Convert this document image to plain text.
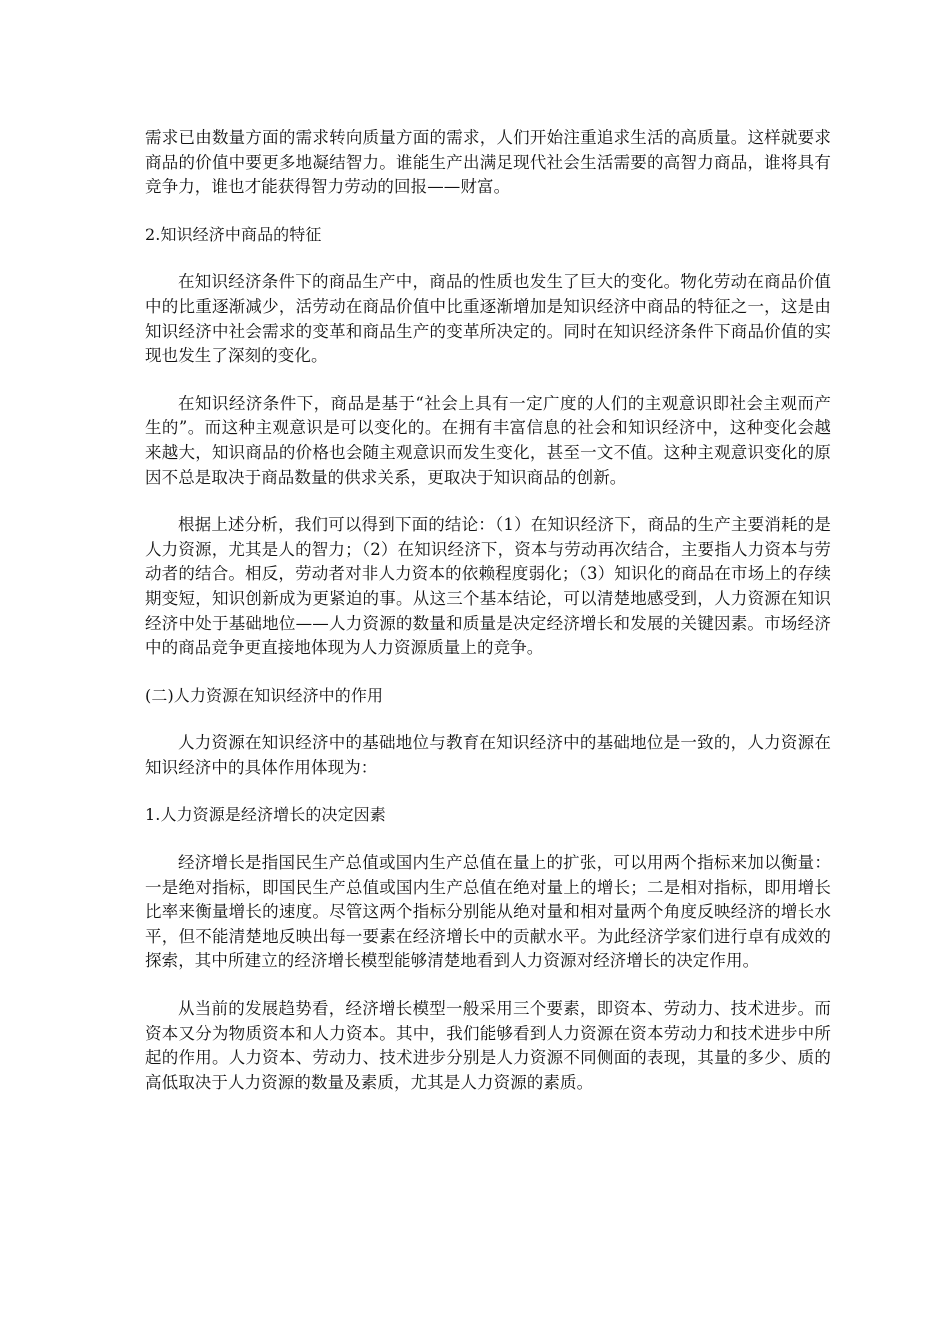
需求已由数量方面的需求转向质量方面的需求，人们开始注重追求生活的高质量。这样就要求商品的价值中要更多地凝结智力。谁能生产出满足现代社会生活需要的高智力商品，谁将具有竞争力，谁也才能获得智力劳动的回报——财富。

2.知识经济中商品的特征

在知识经济条件下的商品生产中，商品的性质也发生了巨大的变化。物化劳动在商品价值中的比重逐渐减少，活劳动在商品价值中比重逐渐增加是知识经济中商品的特征之一，这是由知识经济中社会需求的变革和商品生产的变革所决定的。同时在知识经济条件下商品价值的实现也发生了深刻的变化。

在知识经济条件下，商品是基于“社会上具有一定广度的人们的主观意识即社会主观而产生的”。而这种主观意识是可以变化的。在拥有丰富信息的社会和知识经济中，这种变化会越来越大，知识商品的价格也会随主观意识而发生变化，甚至一文不值。这种主观意识变化的原因不总是取决于商品数量的供求关系，更取决于知识商品的创新。

根据上述分析，我们可以得到下面的结论：（1）在知识经济下，商品的生产主要消耗的是人力资源，尤其是人的智力；（2）在知识经济下，资本与劳动再次结合，主要指人力资本与劳动者的结合。相反，劳动者对非人力资本的依赖程度弱化；（3）知识化的商品在市场上的存续期变短，知识创新成为更紧迫的事。从这三个基本结论，可以清楚地感受到，人力资源在知识经济中处于基础地位——人力资源的数量和质量是决定经济增长和发展的关键因素。市场经济中的商品竞争更直接地体现为人力资源质量上的竞争。

(二)人力资源在知识经济中的作用

人力资源在知识经济中的基础地位与教育在知识经济中的基础地位是一致的，人力资源在知识经济中的具体作用体现为：

1.人力资源是经济增长的决定因素

经济增长是指国民生产总值或国内生产总值在量上的扩张，可以用两个指标来加以衡量：一是绝对指标，即国民生产总值或国内生产总值在绝对量上的增长；二是相对指标，即用增长比率来衡量增长的速度。尽管这两个指标分别能从绝对量和相对量两个角度反映经济的增长水平，但不能清楚地反映出每一要素在经济增长中的贡献水平。为此经济学家们进行卓有成效的探索，其中所建立的经济增长模型能够清楚地看到人力资源对经济增长的决定作用。

从当前的发展趋势看，经济增长模型一般采用三个要素，即资本、劳动力、技术进步。而资本又分为物质资本和人力资本。其中，我们能够看到人力资源在资本劳动力和技术进步中所起的作用。人力资本、劳动力、技术进步分别是人力资源不同侧面的表现，其量的多少、质的高低取决于人力资源的数量及素质，尤其是人力资源的素质。
